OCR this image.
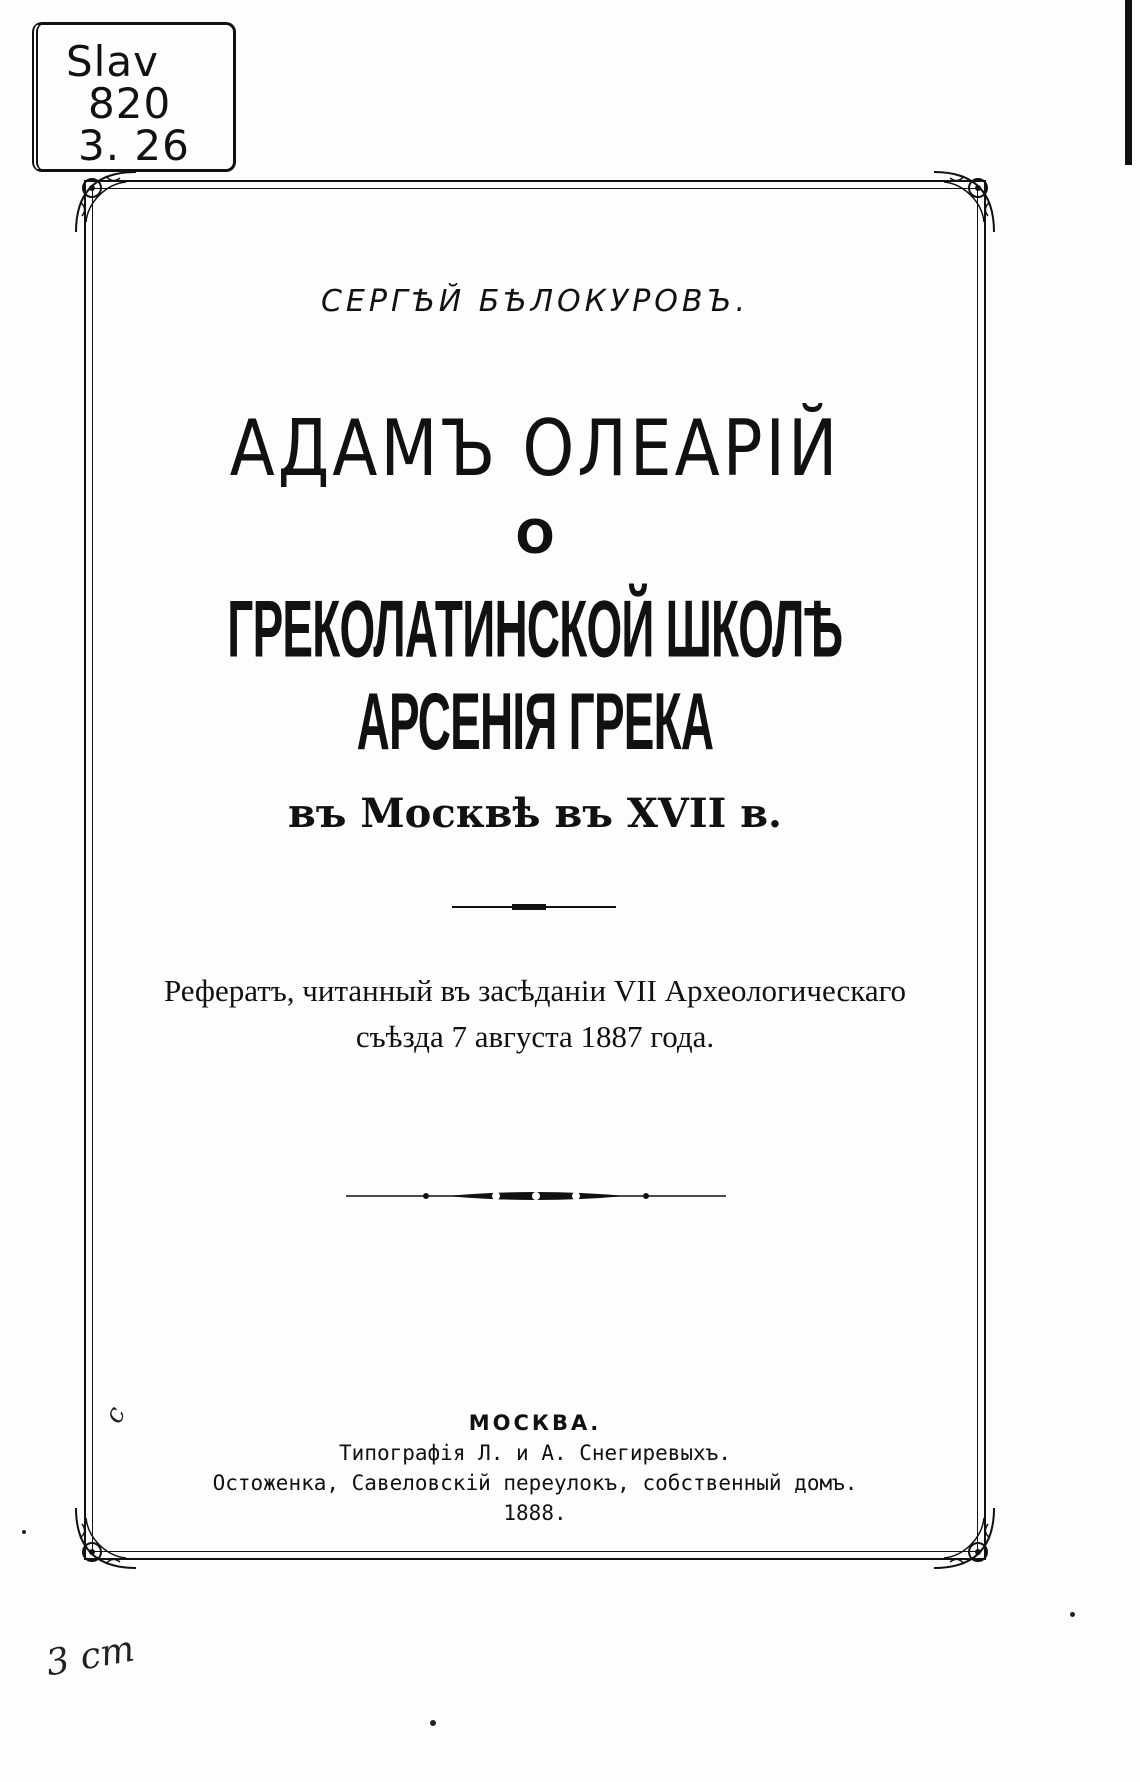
Slav
820
3. 26
СЕРГѢЙ БѢЛОКУРОВЪ.
АДАМЪ ОЛЕАРІЙ
О
ГРЕКОЛАТИНСКОЙ ШКОЛѢ АРСЕНІЯ ГРЕКА
въ Москвѣ въ XVII в.
Рефератъ, читанный въ засѣданіи VII Археологическаго
съѣзда 7 августа 1887 года.
МОСКВА.
Типографія Л. и А. Снегиревыхъ.
Остоженка, Савеловскій переулокъ, собственный домъ.
1888.
3 cm
c
